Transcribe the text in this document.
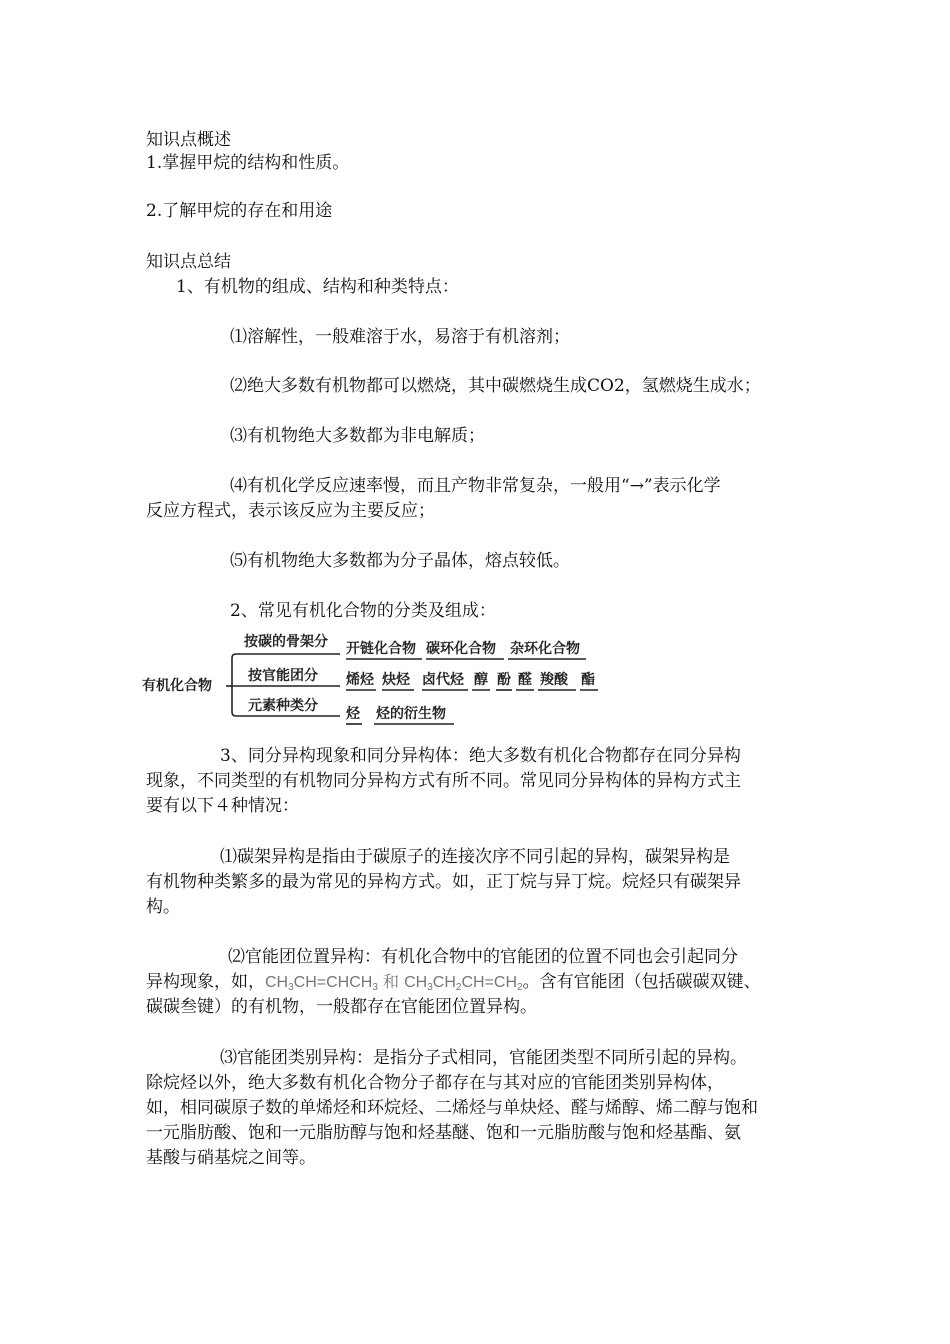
知识点概述
1.掌握甲烷的结构和性质。
2.了解甲烷的存在和用途
知识点总结
1、有机物的组成、结构和种类特点：
⑴溶解性，一般难溶于水，易溶于有机溶剂；
⑵绝大多数有机物都可以燃烧，其中碳燃烧生成CO2，氢燃烧生成水；
⑶有机物绝大多数都为非电解质；
⑷有机化学反应速率慢，而且产物非常复杂，一般用“→”表示化学
反应方程式，表示该反应为主要反应；
⑸有机物绝大多数都为分子晶体，熔点较低。
2、常见有机化合物的分类及组成：
有机化合物
按碳的骨架分
按官能团分
元素种类分
开链化合物 碳环化合物 杂环化合物
烯烃 炔烃 卤代烃 醇 酚 醛 羧酸 酯
烃 烃的衍生物
3、同分异构现象和同分异构体：绝大多数有机化合物都存在同分异构
现象，不同类型的有机物同分异构方式有所不同。常见同分异构体的异构方式主
要有以下４种情况：
⑴碳架异构是指由于碳原子的连接次序不同引起的异构，碳架异构是
有机物种类繁多的最为常见的异构方式。如，正丁烷与异丁烷。烷烃只有碳架异
构。
⑵官能团位置异构：有机化合物中的官能团的位置不同也会引起同分
异构现象，如，$CH_3CH=CHCH_3$ 和 $CH_3CH_2CH=CH_2$。含有官能团（包括碳碳双键、
碳碳叁键）的有机物，一般都存在官能团位置异构。
⑶官能团类别异构：是指分子式相同，官能团类型不同所引起的异构。
除烷烃以外，绝大多数有机化合物分子都存在与其对应的官能团类别异构体，
如，相同碳原子数的单烯烃和环烷烃、二烯烃与单炔烃、醛与烯醇、烯二醇与饱和
一元脂肪酸、饱和一元脂肪醇与饱和烃基醚、饱和一元脂肪酸与饱和烃基酯、氨
基酸与硝基烷之间等。
